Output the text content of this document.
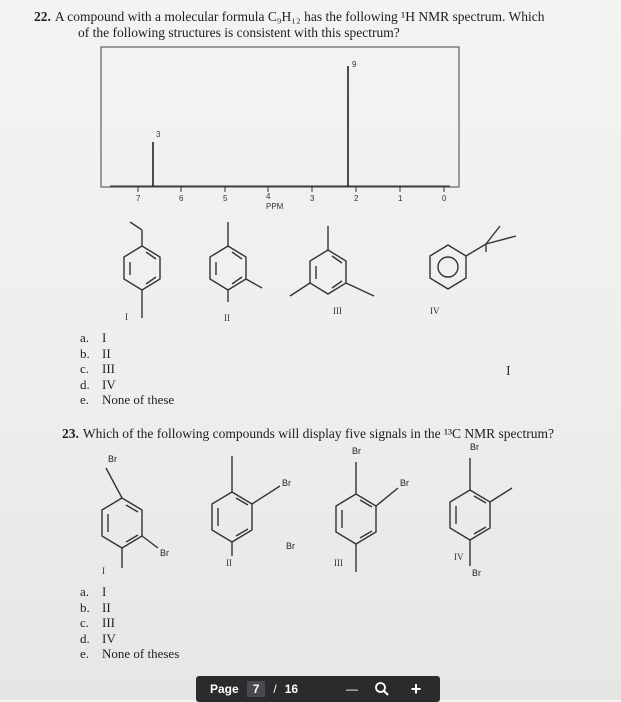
22. A compound with a molecular formula C₉H₁₂ has the following ¹H NMR spectrum. Which
of the following structures is consistent with this spectrum?
7	6	5	4	3	2	1	0
PPM
3
9
I	II
III	IV
a. I
b. II
c. III
d. IV
e. None of these
I
23. Which of the following compounds will display five signals in the ¹³C NMR spectrum?
Br
Br
Br
Br
Br
Br
Br
Br
I
II	III
IV
a. I
b. II
c. III
d. IV
e. None of theses
Page	7	/ 16	—	+
